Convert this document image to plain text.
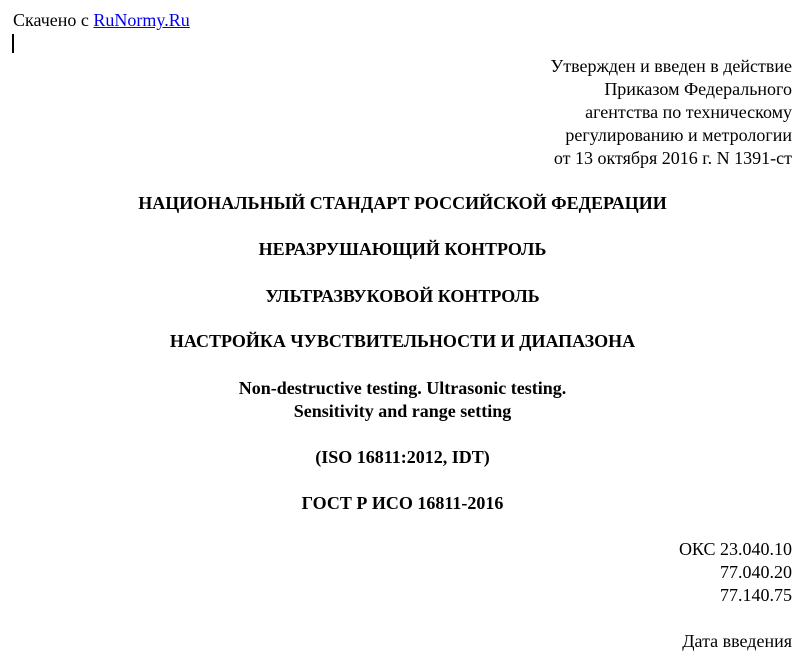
Скачено с RuNormy.Ru
Утвержден и введен в действие
Приказом Федерального
агентства по техническому
регулированию и метрологии
от 13 октября 2016 г. N 1391-ст
НАЦИОНАЛЬНЫЙ СТАНДАРТ РОССИЙСКОЙ ФЕДЕРАЦИИ
НЕРАЗРУШАЮЩИЙ КОНТРОЛЬ
УЛЬТРАЗВУКОВОЙ КОНТРОЛЬ
НАСТРОЙКА ЧУВСТВИТЕЛЬНОСТИ И ДИАПАЗОНА
Non-destructive testing. Ultrasonic testing.
Sensitivity and range setting
(ISO 16811:2012, IDT)
ГОСТ Р ИСО 16811-2016
ОКС 23.040.10
77.040.20
77.140.75
Дата введения
